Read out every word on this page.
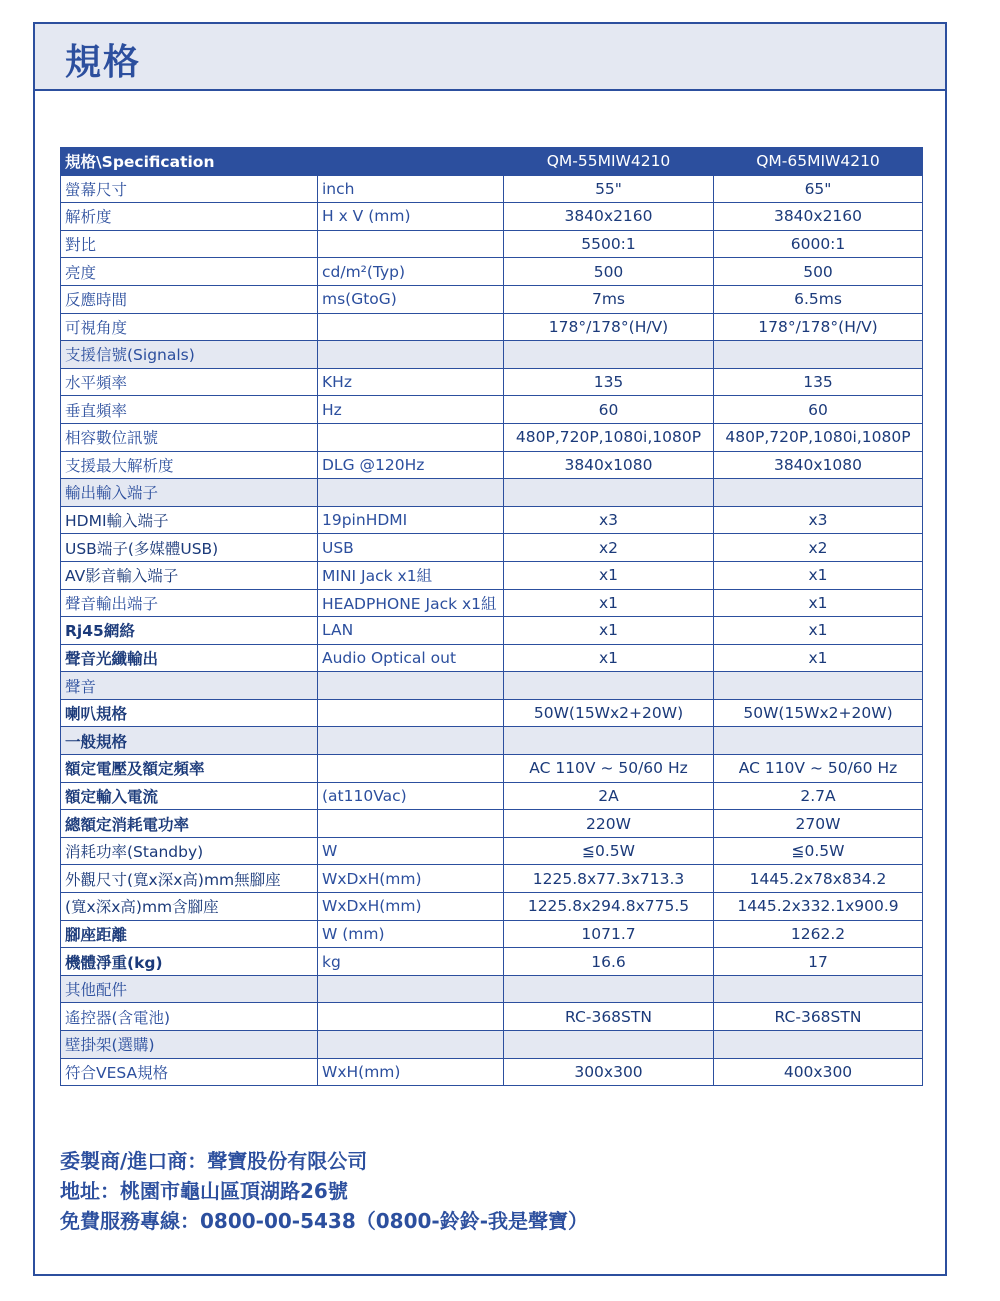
規格
規格\Specification		QM-55MIW4210	QM-65MIW4210
螢幕尺寸	inch	55"	65"
解析度	H x V (mm)	3840x2160	3840x2160
對比		5500:1	6000:1
亮度	cd/m²(Typ)	500	500
反應時間	ms(GtoG)	7ms	6.5ms
可視角度		178°/178°(H/V)	178°/178°(H/V)
支援信號(Signals)			
水平頻率	KHz	135	135
垂直頻率	Hz	60	60
相容數位訊號		480P,720P,1080i,1080P	480P,720P,1080i,1080P
支援最大解析度	DLG @120Hz	3840x1080	3840x1080
輸出輸入端子			
HDMI輸入端子	19pinHDMI	x3	x3
USB端子(多媒體USB)	USB	x2	x2
AV影音輸入端子	MINI Jack x1組	x1	x1
聲音輸出端子	HEADPHONE Jack x1組	x1	x1
Rj45網絡	LAN	x1	x1
聲音光纖輸出	Audio Optical out	x1	x1
聲音			
喇叭規格		50W(15Wx2+20W)	50W(15Wx2+20W)
一般規格			
額定電壓及額定頻率		AC 110V ~ 50/60 Hz	AC 110V ~ 50/60 Hz
額定輸入電流	(at110Vac)	2A	2.7A
總額定消耗電功率		220W	270W
消耗功率(Standby)	W	≦0.5W	≦0.5W
外觀尺寸(寬x深x高)mm無腳座	WxDxH(mm)	1225.8x77.3x713.3	1445.2x78x834.2
(寬x深x高)mm含腳座	WxDxH(mm)	1225.8x294.8x775.5	1445.2x332.1x900.9
腳座距離	W (mm)	1071.7	1262.2
機體淨重(kg)	kg	16.6	17
其他配件			
遙控器(含電池)		RC-368STN	RC-368STN
壁掛架(選購)			
符合VESA規格	WxH(mm)	300x300	400x300
委製商/進口商：聲寶股份有限公司
地址：桃園市龜山區頂湖路26號
免費服務專線：0800-00-5438（0800-鈴鈴-我是聲寶）
